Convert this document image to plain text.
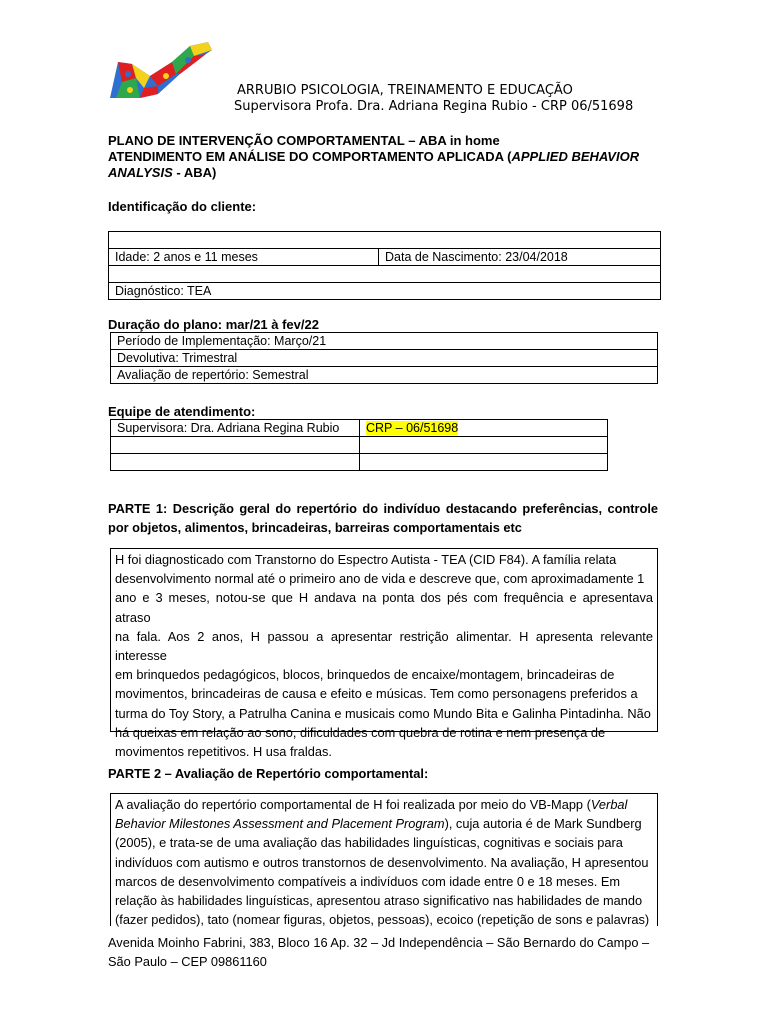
ARRUBIO PSICOLOGIA, TREINAMENTO E EDUCAÇÃO
Supervisora Profa. Dra. Adriana Regina Rubio - CRP 06/51698
PLANO DE INTERVENÇÃO COMPORTAMENTAL – ABA in home
ATENDIMENTO EM ANÁLISE DO COMPORTAMENTO APLICADA (APPLIED BEHAVIOR
ANALYSIS - ABA)
Identificação do cliente:

Idade: 2 anos e 11 meses	Data de Nascimento: 23/04/2018

Diagnóstico: TEA
Duração do plano: mar/21 à fev/22
Período de Implementação: Março/21
Devolutiva: Trimestral
Avaliação de repertório: Semestral
Equipe de atendimento:
Supervisora: Dra. Adriana Regina Rubio	CRP – 06/51698

PARTE 1: Descrição geral do repertório do indivíduo destacando preferências, controle por objetos, alimentos, brincadeiras, barreiras comportamentais etc

H foi diagnosticado com Transtorno do Espectro Autista - TEA (CID F84). A família relata

desenvolvimento normal até o primeiro ano de vida e descreve que, com aproximadamente 1

ano e 3 meses, notou-se que H andava na ponta dos pés com frequência e apresentava atraso

na fala. Aos 2 anos, H passou a apresentar restrição alimentar. H apresenta relevante interesse

em brinquedos pedagógicos, blocos, brinquedos de encaixe/montagem, brincadeiras de

movimentos, brincadeiras de causa e efeito e músicas. Tem como personagens preferidos a

turma do Toy Story, a Patrulha Canina e musicais como Mundo Bita e Galinha Pintadinha. Não

há queixas em relação ao sono, dificuldades com quebra de rotina e nem presença de

movimentos repetitivos. H usa fraldas.

PARTE 2 – Avaliação de Repertório comportamental:

A avaliação do repertório comportamental de H foi realizada por meio do VB-Mapp (Verbal

Behavior Milestones Assessment and Placement Program), cuja autoria é de Mark Sundberg

(2005), e trata-se de uma avaliação das habilidades linguísticas, cognitivas e sociais para

indivíduos com autismo e outros transtornos de desenvolvimento. Na avaliação, H apresentou

marcos de desenvolvimento compatíveis a indivíduos com idade entre 0 e 18 meses. Em

relação às habilidades linguísticas, apresentou atraso significativo nas habilidades de mando

(fazer pedidos), tato (nomear figuras, objetos, pessoas), ecoico (repetição de sons e palavras)

Avenida Moinho Fabrini, 383, Bloco 16 Ap. 32 – Jd Independência – São Bernardo do Campo –
São Paulo – CEP 09861160
